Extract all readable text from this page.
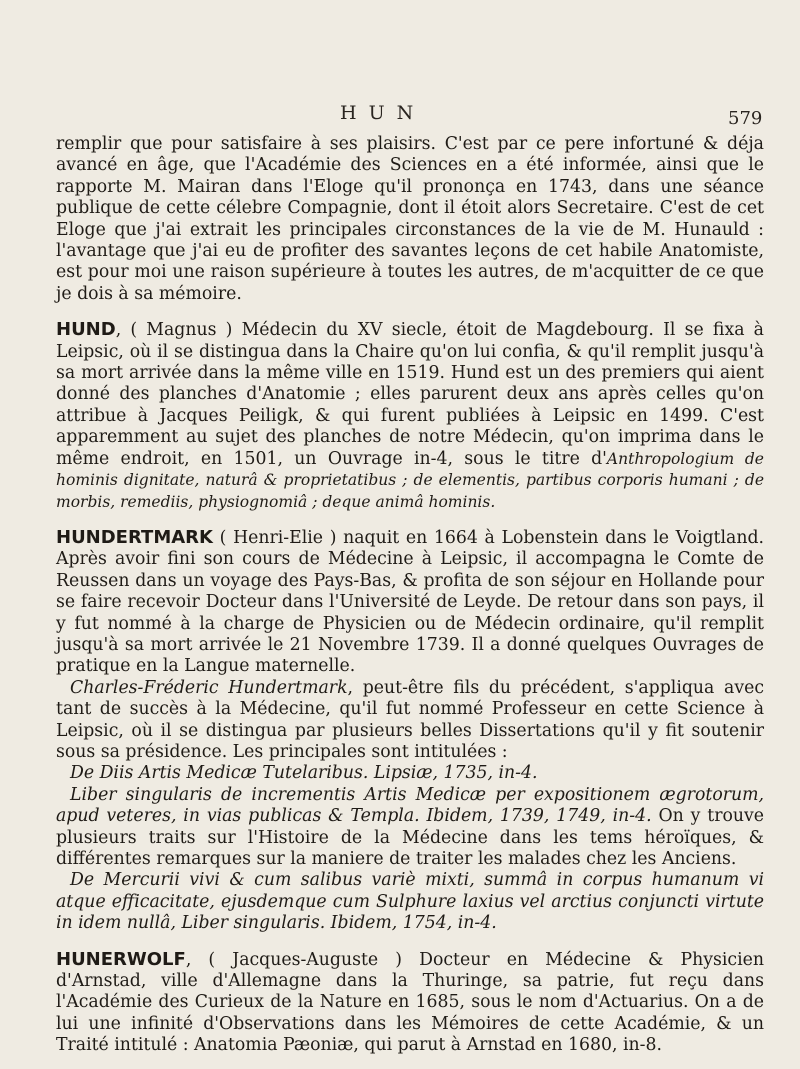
HUN	579

remplir que pour satisfaire à ses plaisirs. C'est par ce pere infortuné & déja avancé en âge, que l'Académie des Sciences en a été informée, ainsi que le rapporte M. Mairan dans l'Eloge qu'il prononça en 1743, dans une séance publique de cette célebre Compagnie, dont il étoit alors Secretaire. C'est de cet Eloge que j'ai extrait les principales circonstances de la vie de M. Hunauld : l'avantage que j'ai eu de profiter des savantes leçons de cet habile Anatomiste, est pour moi une raison supérieure à toutes les autres, de m'acquitter de ce que je dois à sa mémoire.

HUND, ( Magnus ) Médecin du XV siecle, étoit de Magdebourg. Il se fixa à Leipsic, où il se distingua dans la Chaire qu'on lui confia, & qu'il remplit jusqu'à sa mort arrivée dans la même ville en 1519. Hund est un des premiers qui aient donné des planches d'Anatomie ; elles parurent deux ans après celles qu'on attribue à Jacques Peiligk, & qui furent publiées à Leipsic en 1499. C'est apparemment au sujet des planches de notre Médecin, qu'on imprima dans le même endroit, en 1501, un Ouvrage in-4, sous le titre d'Anthropologium de hominis dignitate, naturâ & proprietatibus ; de elementis, partibus corporis humani ; de morbis, remediis, physiognomiâ ; deque animâ hominis.

HUNDERTMARK ( Henri-Elie ) naquit en 1664 à Lobenstein dans le Voigtland. Après avoir fini son cours de Médecine à Leipsic, il accompagna le Comte de Reussen dans un voyage des Pays-Bas, & profita de son séjour en Hollande pour se faire recevoir Docteur dans l'Université de Leyde. De retour dans son pays, il y fut nommé à la charge de Physicien ou de Médecin ordinaire, qu'il remplit jusqu'à sa mort arrivée le 21 Novembre 1739. Il a donné quelques Ouvrages de pratique en la Langue maternelle.

Charles-Fréderic Hundertmark, peut-être fils du précédent, s'appliqua avec tant de succès à la Médecine, qu'il fut nommé Professeur en cette Science à Leipsic, où il se distingua par plusieurs belles Dissertations qu'il y fit soutenir sous sa présidence. Les principales sont intitulées :

De Diis Artis Medicæ Tutelaribus. Lipsiæ, 1735, in-4.

Liber singularis de incrementis Artis Medicæ per expositionem ægrotorum, apud veteres, in vias publicas & Templa. Ibidem, 1739, 1749, in-4. On y trouve plusieurs traits sur l'Histoire de la Médecine dans les tems héroïques, & différentes remarques sur la maniere de traiter les malades chez les Anciens.

De Mercurii vivi & cum salibus variè mixti, summâ in corpus humanum vi atque efficacitate, ejusdemque cum Sulphure laxius vel arctius conjuncti virtute in idem nullâ, Liber singularis. Ibidem, 1754, in-4.

HUNERWOLF, ( Jacques-Auguste ) Docteur en Médecine & Physicien d'Arnstad, ville d'Allemagne dans la Thuringe, sa patrie, fut reçu dans l'Académie des Curieux de la Nature en 1685, sous le nom d'Actuarius. On a de lui une infinité d'Observations dans les Mémoires de cette Académie, & un Traité intitulé : Anatomia Pæoniæ, qui parut à Arnstad en 1680, in-8.
